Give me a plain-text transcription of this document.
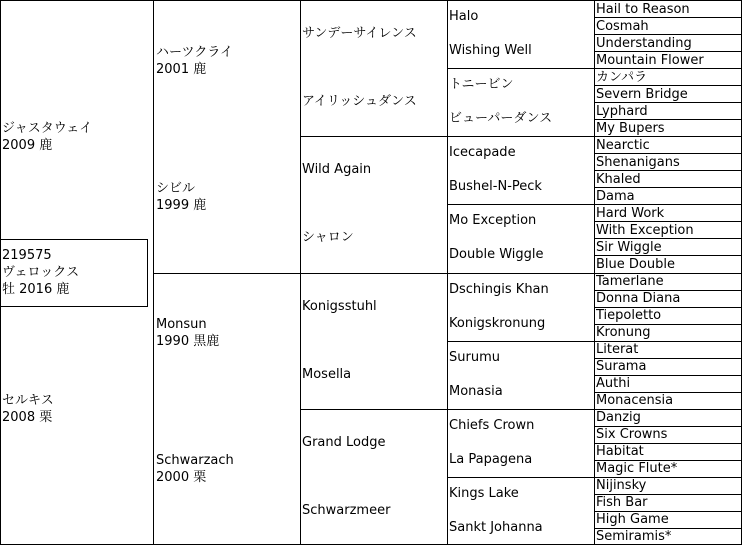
219575
ヴェロックス
牡 2016 鹿
ジャスタウェイ
2009 鹿
セルキス
2008 栗
ハーツクライ
2001 鹿
シビル
1999 鹿
Monsun
1990 黒鹿
Schwarzach
2000 栗
サンデーサイレンス
アイリッシュダンス
Wild Again
シャロン
Konigsstuhl
Mosella
Grand Lodge
Schwarzmeer
Halo
Wishing Well
トニービン
ビューパーダンス
Icecapade
Bushel-N-Peck
Mo Exception
Double Wiggle
Dschingis Khan
Konigskronung
Surumu
Monasia
Chiefs Crown
La Papagena
Kings Lake
Sankt Johanna
Hail to Reason
Cosmah
Understanding
Mountain Flower
カンパラ
Severn Bridge
Lyphard
My Bupers
Nearctic
Shenanigans
Khaled
Dama
Hard Work
With Exception
Sir Wiggle
Blue Double
Tamerlane
Donna Diana
Tiepoletto
Kronung
Literat
Surama
Authi
Monacensia
Danzig
Six Crowns
Habitat
Magic Flute*
Nijinsky
Fish Bar
High Game
Semiramis*
